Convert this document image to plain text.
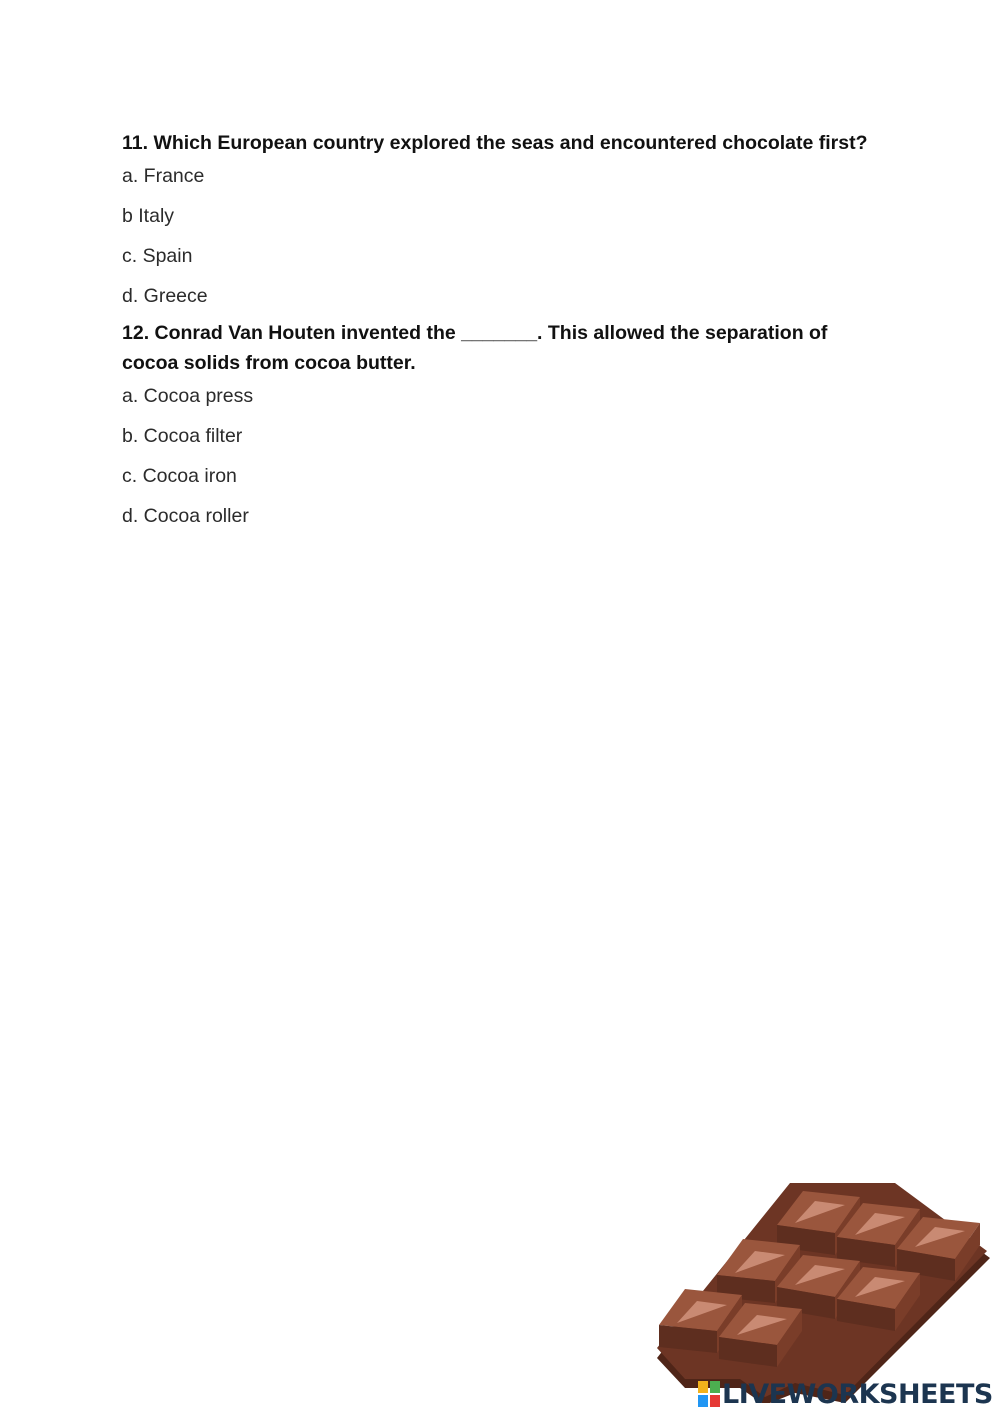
11. Which European country explored the seas and encountered chocolate first?

a. France

b Italy

c. Spain

d. Greece

12. Conrad Van Houten invented the _______. This allowed the separation of cocoa solids from cocoa butter.

a. Cocoa press

b. Cocoa filter

c. Cocoa iron

d. Cocoa roller

LIVEWORKSHEETS
